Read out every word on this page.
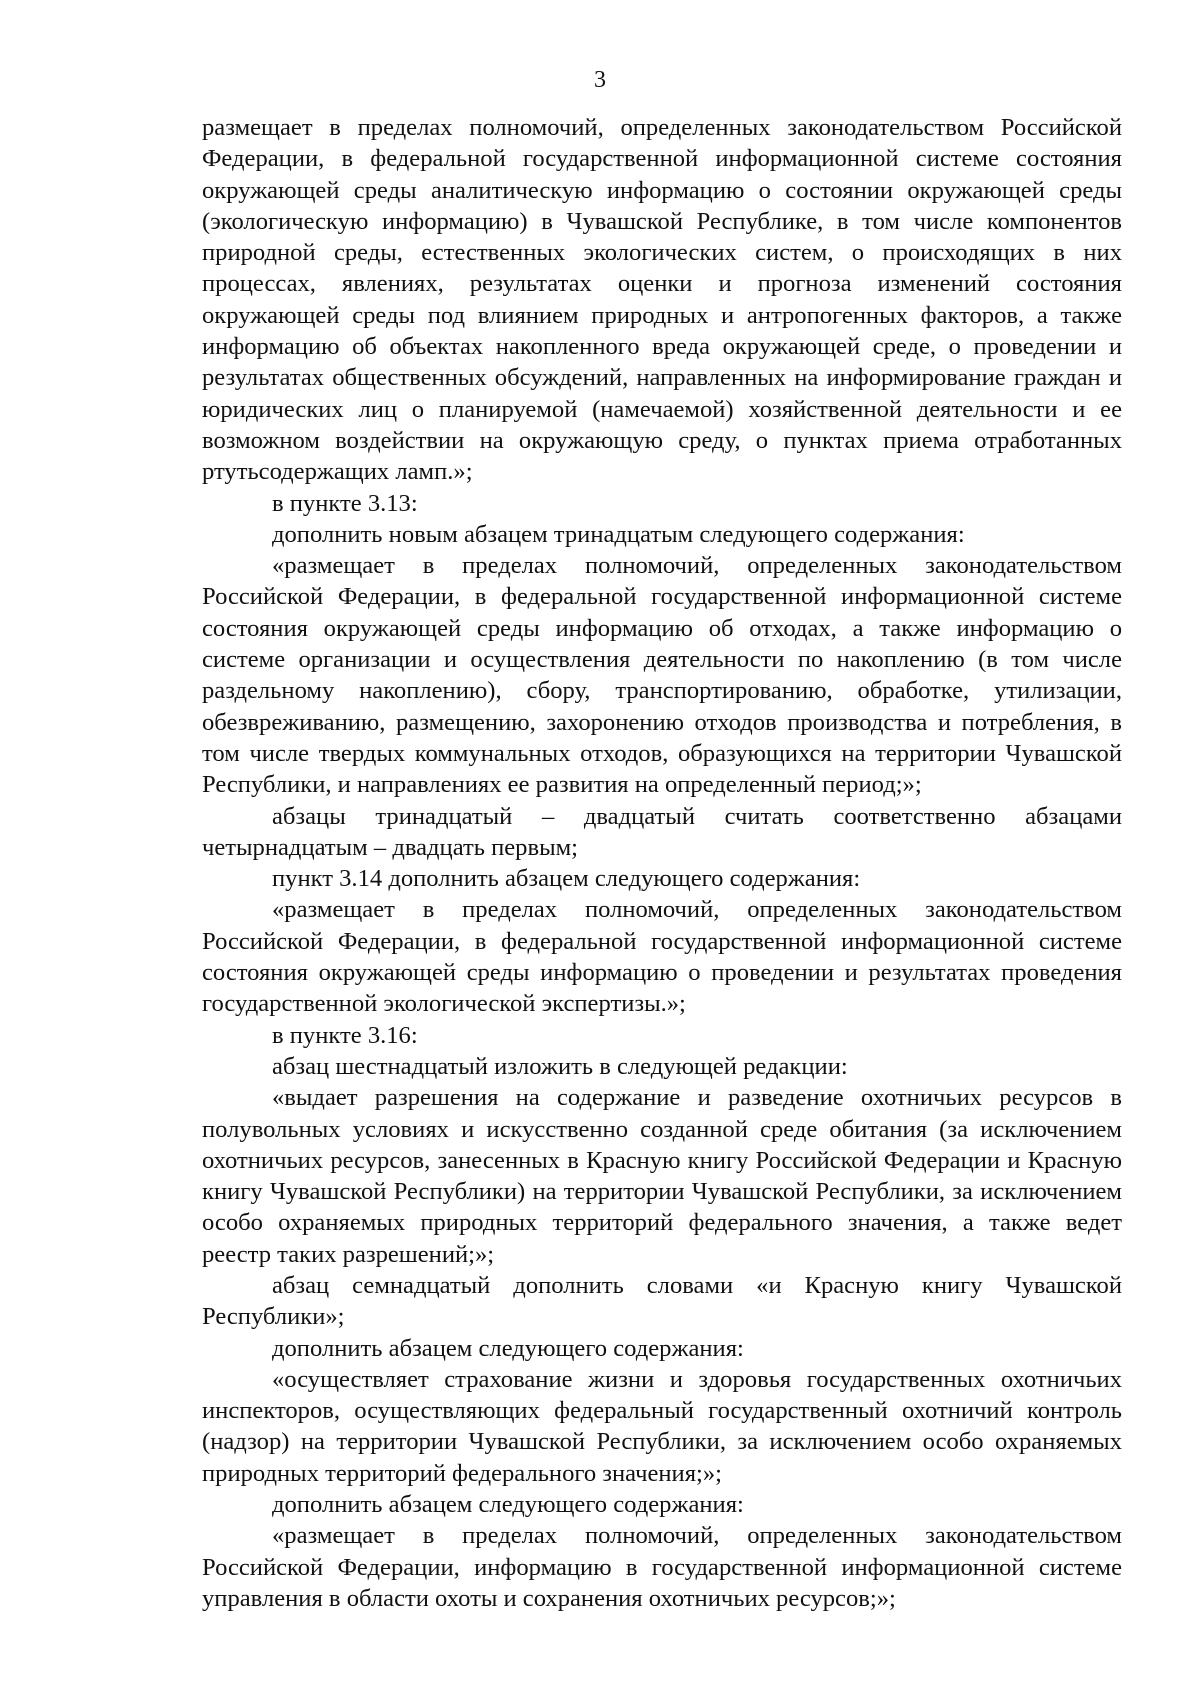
3

размещает в пределах полномочий, определенных законодательством Российской Федерации, в федеральной государственной информационной системе состояния окружающей среды аналитическую информацию о состоянии окружающей среды (экологическую информацию) в Чувашской Республике, в том числе компонентов природной среды, естественных экологических систем, о происходящих в них процессах, явлениях, результатах оценки и прогноза изменений состояния окружающей среды под влиянием природных и антропогенных факторов, а также информацию об объектах накопленного вреда окружающей среде, о проведении и результатах общественных обсуждений, направленных на информирование граждан и юридических лиц о планируемой (намечаемой) хозяйственной деятельности и ее возможном воздействии на окружающую среду, о пунктах приема отработанных ртутьсодержащих ламп.»;

в пункте 3.13:

дополнить новым абзацем тринадцатым следующего содержания:

«размещает в пределах полномочий, определенных законодательством Российской Федерации, в федеральной государственной информационной системе состояния окружающей среды информацию об отходах, а также информацию о системе организации и осуществления деятельности по накоплению (в том числе раздельному накоплению), сбору, транспортированию, обработке, утилизации, обезвреживанию, размещению, захоронению отходов производства и потребления, в том числе твердых коммунальных отходов, образующихся на территории Чувашской Республики, и направлениях ее развития на определенный период;»;

абзацы тринадцатый – двадцатый считать соответственно абзацами четырнадцатым – двадцать первым;

пункт 3.14 дополнить абзацем следующего содержания:

«размещает в пределах полномочий, определенных законодательством Российской Федерации, в федеральной государственной информационной системе состояния окружающей среды информацию о проведении и результатах проведения государственной экологической экспертизы.»;

в пункте 3.16:

абзац шестнадцатый изложить в следующей редакции:

«выдает разрешения на содержание и разведение охотничьих ресурсов в полувольных условиях и искусственно созданной среде обитания (за исключением охотничьих ресурсов, занесенных в Красную книгу Российской Федерации и Красную книгу Чувашской Республики) на территории Чувашской Республики, за исключением особо охраняемых природных территорий федерального значения, а также ведет реестр таких разрешений;»;

абзац семнадцатый дополнить словами «и Красную книгу Чувашской Республики»;

дополнить абзацем следующего содержания:

«осуществляет страхование жизни и здоровья государственных охотничьих инспекторов, осуществляющих федеральный государственный охотничий контроль (надзор) на территории Чувашской Республики, за исключением особо охраняемых природных территорий федерального значения;»;

дополнить абзацем следующего содержания:

«размещает в пределах полномочий, определенных законодательством Российской Федерации, информацию в государственной информационной системе управления в области охоты и сохранения охотничьих ресурсов;»;
